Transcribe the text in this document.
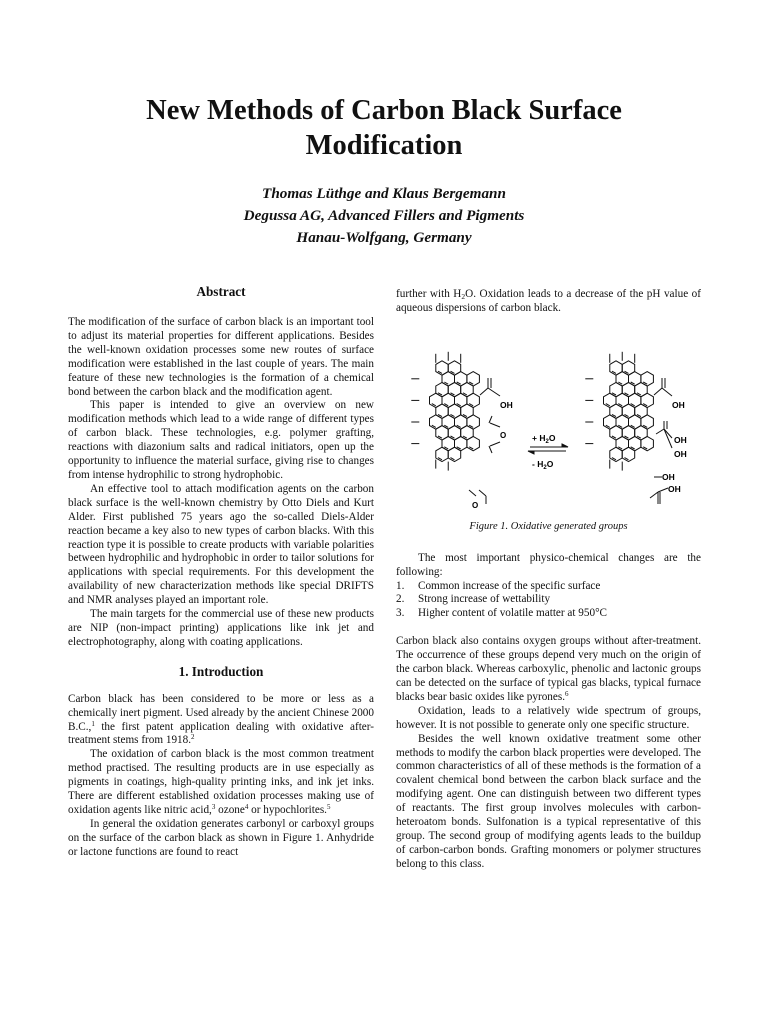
New Methods of Carbon Black Surface
Modification
Thomas Lüthge and Klaus Bergemann
Degussa AG, Advanced Fillers and Pigments
Hanau-Wolfgang, Germany
Abstract

The modification of the surface of carbon black is an important tool to adjust its material properties for different applications. Besides the well-known oxidation processes some new routes of surface modification were established in the last couple of years. The main feature of these new technologies is the formation of a chemical bond between the carbon black and the modification agent.

This paper is intended to give an overview on new modification methods which lead to a wide range of different types of carbon black. These technologies, e.g. polymer grafting, reactions with diazonium salts and radical initiators, open up the opportunity to influence the material surface, giving rise to changes from intense hydrophilic to strong hydrophobic.

An effective tool to attach modification agents on the carbon black surface is the well-known chemistry by Otto Diels and Kurt Alder. First published 75 years ago the so-called Diels-Alder reaction became a key also to new types of carbon blacks. With this reaction type it is possible to create products with variable polarities between hydrophilic and hydrophobic in order to tailor solutions for applications with special requirements. For this development the availability of new characterization methods like special DRIFTS and NMR analyses played an important role.

The main targets for the commercial use of these new products are NIP (non-impact printing) applications like ink jet and electrophotography, along with coating applications.

1. Introduction

Carbon black has been considered to be more or less as a chemically inert pigment. Used already by the ancient Chinese 2000 B.C.,$^1$ the first patent application dealing with oxidative after-treatment stems from 1918.$^2$

The oxidation of carbon black is the most common treatment method practised. The resulting products are in use especially as pigments in coatings, high-quality printing inks, and ink jet inks. There are different established oxidation processes making use of oxidation agents like nitric acid,$^3$ ozone$^4$ or hypochlorites.$^5$

In general the oxidation generates carbonyl or carboxyl groups on the surface of the carbon black as shown in Figure 1. Anhydride or lactone functions are found to react

further with $H_2O$. Oxidation leads to a decrease of the pH value of aqueous dispersions of carbon black.

OH
O
O
+ $H_2O$
- $H_2O$
OH
OH
OH
OH
OH
Figure 1. Oxidative generated groups

The most important physico-chemical changes are the following:

1.	Common increase of the specific surface
2.	Strong increase of wettability
3.	Higher content of volatile matter at 950°C

Carbon black also contains oxygen groups without after-treatment. The occurrence of these groups depend very much on the origin of the carbon black. Whereas carboxylic, phenolic and lactonic groups can be detected on the surface of typical gas blacks, typical furnace blacks bear basic oxides like pyrones.$^6$

Oxidation, leads to a relatively wide spectrum of groups, however. It is not possible to generate only one specific structure.

Besides the well known oxidative treatment some other methods to modify the carbon black properties were developed. The common characteristics of all of these methods is the formation of a covalent chemical bond between the carbon black surface and the modifying agent. One can distinguish between two different types of reactants. The first group involves molecules with carbon-heteroatom bonds. Sulfonation is a typical representative of this group. The second group of modifying agents leads to the buildup of carbon-carbon bonds. Grafting monomers or polymer structures belong to this class.
